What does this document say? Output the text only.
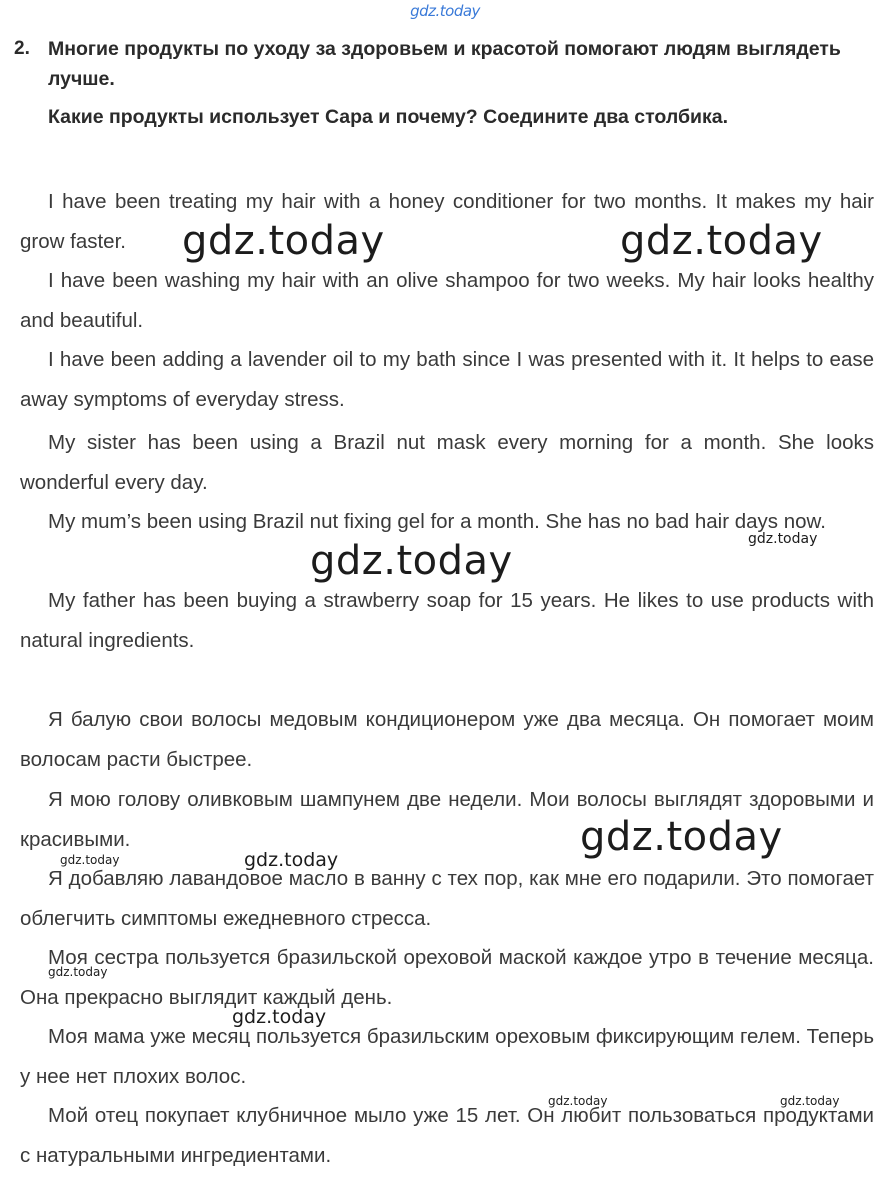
gdz.today
2. Многие продукты по уходу за здоровьем и красотой помогают людям выглядеть лучше.
Какие продукты использует Сара и почему? Соедините два столбика.

I have been treating my hair with a honey conditioner for two months. It makes my hair grow faster.

I have been washing my hair with an olive shampoo for two weeks. My hair looks healthy and beautiful.

I have been adding a lavender oil to my bath since I was presented with it. It helps to ease away symptoms of everyday stress.

My sister has been using a Brazil nut mask every morning for a month. She looks wonderful every day.

My mum’s been using Brazil nut fixing gel for a month. She has no bad hair days now.

My father has been buying a strawberry soap for 15 years. He likes to use products with natural ingredients.

Я балую свои волосы медовым кондиционером уже два месяца. Он помогает моим волосам расти быстрее.

Я мою голову оливковым шампунем две недели. Мои волосы выглядят здоровыми и красивыми.

Я добавляю лавандовое масло в ванну с тех пор, как мне его подарили. Это помогает облегчить симптомы ежедневного стресса.

Моя сестра пользуется бразильской ореховой маской каждое утро в течение месяца. Она прекрасно выглядит каждый день.

Моя мама уже месяц пользуется бразильским ореховым фиксирующим гелем. Теперь у нее нет плохих волос.

Мой отец покупает клубничное мыло уже 15 лет. Он любит пользоваться продуктами с натуральными ингредиентами.

gdz.today	gdz.today
gdz.today	gdz.today
gdz.today
gdz.today	gdz.today
gdz.today
gdz.today
gdz.today	gdz.today
